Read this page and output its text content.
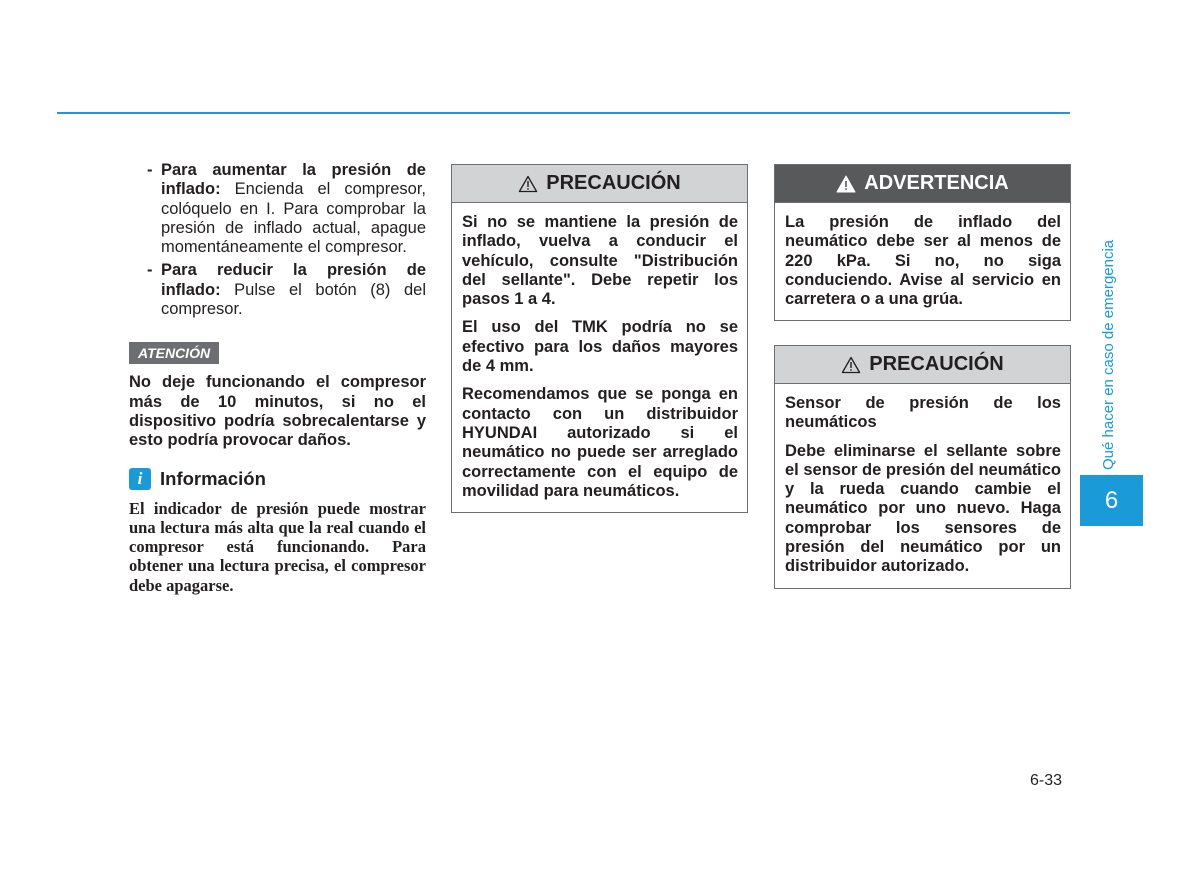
- Para aumentar la presión de inflado: Encienda el compresor, colóquelo en I. Para comprobar la presión de inflado actual, apague momentáneamente el compresor.
- Para reducir la presión de inflado: Pulse el botón (8) del compresor.
ATENCIÓN
No deje funcionando el compresor más de 10 minutos, si no el dispositivo podría sobrecalentarse y esto podría provocar daños.
i Información
El indicador de presión puede mostrar una lectura más alta que la real cuando el compresor está funcionando. Para obtener una lectura precisa, el compresor debe apagarse.
PRECAUCIÓN

Si no se mantiene la presión de inflado, vuelva a conducir el vehículo, consulte "Distribución del sellante". Debe repetir los pasos 1 a 4.

El uso del TMK podría no se efectivo para los daños mayores de 4 mm.

Recomendamos que se ponga en contacto con un distribuidor HYUNDAI autorizado si el neumático no puede ser arreglado correctamente con el equipo de movilidad para neumáticos.

ADVERTENCIA

La presión de inflado del neumático debe ser al menos de 220 kPa. Si no, no siga conduciendo. Avise al servicio en carretera o a una grúa.

PRECAUCIÓN

Sensor de presión de los neumáticos

Debe eliminarse el sellante sobre el sensor de presión del neumático y la rueda cuando cambie el neumático por uno nuevo. Haga comprobar los sensores de presión del neumático por un distribuidor autorizado.

Qué hacer en caso de emergencia
6
6-33
